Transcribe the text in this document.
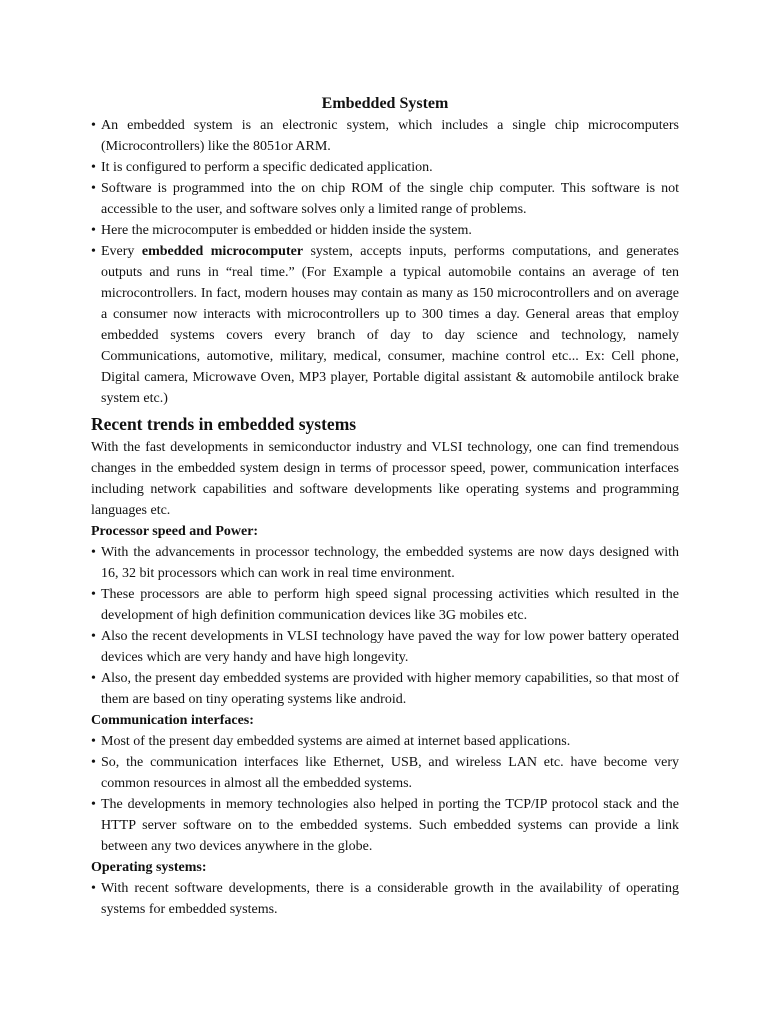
Embedded System
• An embedded system is an electronic system, which includes a single chip microcomputers (Microcontrollers) like the 8051or ARM.
• It is configured to perform a specific dedicated application.
• Software is programmed into the on chip ROM of the single chip computer. This software is not accessible to the user, and software solves only a limited range of problems.
• Here the microcomputer is embedded or hidden inside the system.
• Every embedded microcomputer system, accepts inputs, performs computations, and generates outputs and runs in “real time.” (For Example a typical automobile contains an average of ten microcontrollers. In fact, modern houses may contain as many as 150 microcontrollers and on average a consumer now interacts with microcontrollers up to 300 times a day. General areas that employ embedded systems covers every branch of day to day science and technology, namely Communications, automotive, military, medical, consumer, machine control etc... Ex: Cell phone, Digital camera, Microwave Oven, MP3 player, Portable digital assistant & automobile antilock brake system etc.)
Recent trends in embedded systems

With the fast developments in semiconductor industry and VLSI technology, one can find tremendous changes in the embedded system design in terms of processor speed, power, communication interfaces including network capabilities and software developments like operating systems and programming languages etc.

Processor speed and Power:
• With the advancements in processor technology, the embedded systems are now days designed with 16, 32 bit processors which can work in real time environment.
• These processors are able to perform high speed signal processing activities which resulted in the development of high definition communication devices like 3G mobiles etc.
• Also the recent developments in VLSI technology have paved the way for low power battery operated devices which are very handy and have high longevity.
• Also, the present day embedded systems are provided with higher memory capabilities, so that most of them are based on tiny operating systems like android.
Communication interfaces:
• Most of the present day embedded systems are aimed at internet based applications.
• So, the communication interfaces like Ethernet, USB, and wireless LAN etc. have become very common resources in almost all the embedded systems.
• The developments in memory technologies also helped in porting the TCP/IP protocol stack and the HTTP server software on to the embedded systems. Such embedded systems can provide a link between any two devices anywhere in the globe.
Operating systems:
• With recent software developments, there is a considerable growth in the availability of operating systems for embedded systems.
